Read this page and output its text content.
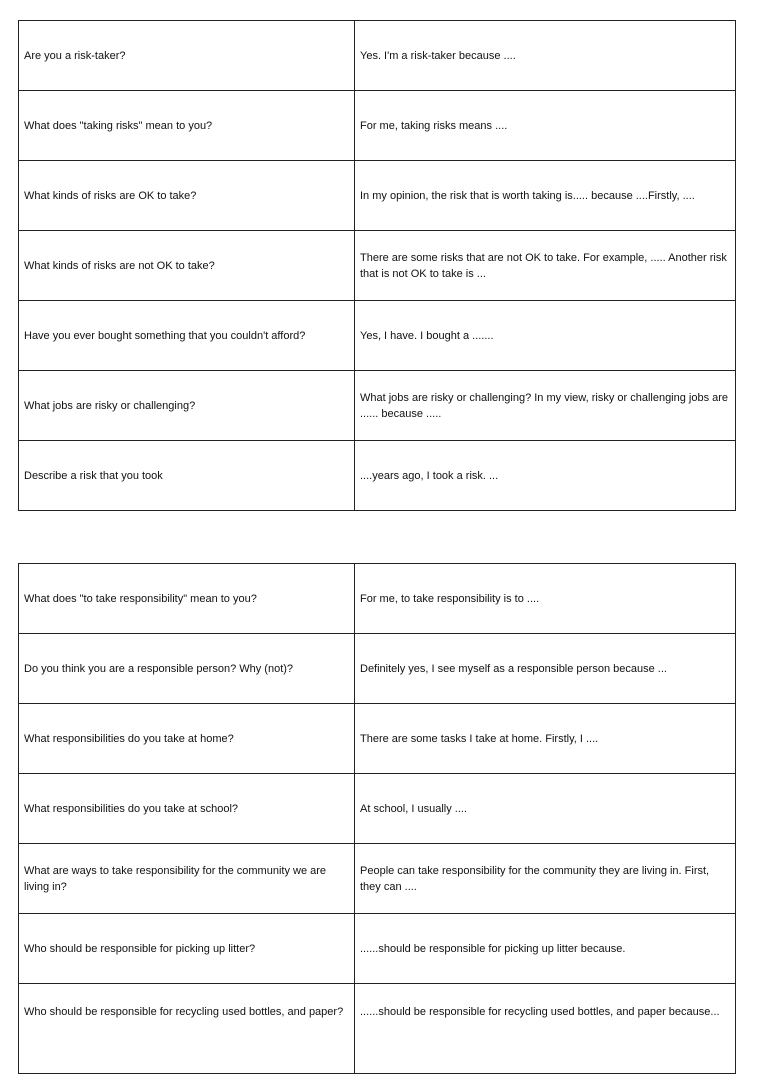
Are you a risk-taker?	Yes. I'm a risk-taker because ....
What does "taking risks" mean to you?	For me, taking risks means ....
What kinds of risks are OK to take?	In my opinion, the risk that is worth taking is..... because ....Firstly, ....
What kinds of risks are not OK to take?	There are some risks that are not OK to take. For example, ..... Another risk that is not OK to take is ...
Have you ever bought something that you couldn't afford?	Yes, I have. I bought a .......
What jobs are risky or challenging?	What jobs are risky or challenging? In my view, risky or challenging jobs are ...... because .....
Describe a risk that you took	....years ago, I took a risk. ...
What does "to take responsibility" mean to you?	For me, to take responsibility is to ....
Do you think you are a responsible person? Why (not)?	Definitely yes, I see myself as a responsible person because ...
What responsibilities do you take at home?	There are some tasks I take at home. Firstly, I ....
What responsibilities do you take at school?	At school, I usually ....
What are ways to take responsibility for the community we are living in?	People can take responsibility for the community they are living in. First, they can ....
Who should be responsible for picking up litter?	......should be responsible for picking up litter because.
Who should be responsible for recycling used bottles, and paper?	......should be responsible for recycling used bottles, and paper because...
